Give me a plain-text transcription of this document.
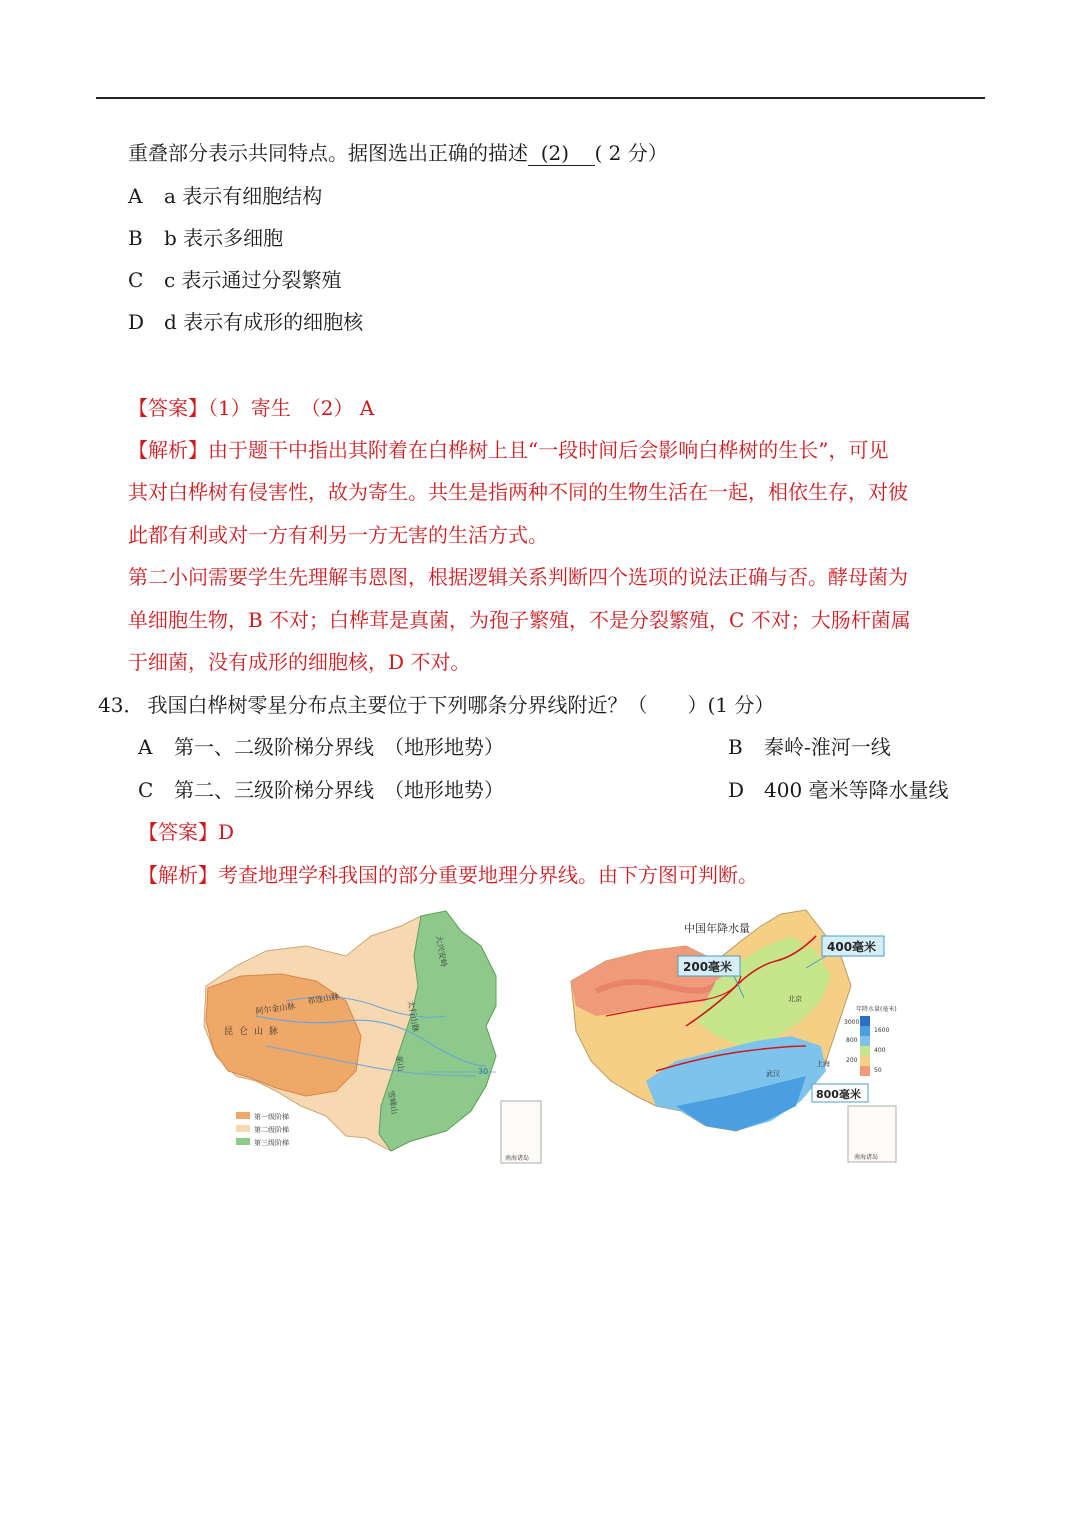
重叠部分表示共同特点。据图选出正确的描述 (2) ( 2 分）
A a 表示有细胞结构
B b 表示多细胞
C c 表示通过分裂繁殖
D d 表示有成形的细胞核
【答案】（1）寄生　（2） A
【解析】由于题干中指出其附着在白桦树上且“一段时间后会影响白桦树的生长”，可见
其对白桦树有侵害性，故为寄生。共生是指两种不同的生物生活在一起，相依生存，对彼
此都有利或对一方有利另一方无害的生活方式。
第二小问需要学生先理解韦恩图，根据逻辑关系判断四个选项的说法正确与否。酵母菌为
单细胞生物，B 不对；白桦茸是真菌，为孢子繁殖，不是分裂繁殖，C 不对；大肠杆菌属
于细菌，没有成形的细胞核，D 不对。
43． 我国白桦树零星分布点主要位于下列哪条分界线附近？（　　）(1 分）
A 第一、二级阶梯分界线　（地形地势）	B 秦岭-淮河一线
C 第二、三级阶梯分界线　（地形地势）	D 400 毫米等降水量线
【答案】D
【解析】考查地理学科我国的部分重要地理分界线。由下方图可判断。
30
大兴安岭
太行山脉
巫山
雪峰山
阿尔金山脉
祁连山脉
昆仑山脉
南海诸岛
第一级阶梯
第二级阶梯
第三级阶梯
中国年降水量
400毫米
200毫米
800毫米
北京
上海
武汉
年降水量(毫米)
3000
1600
800
400
200
50
南海诸岛
